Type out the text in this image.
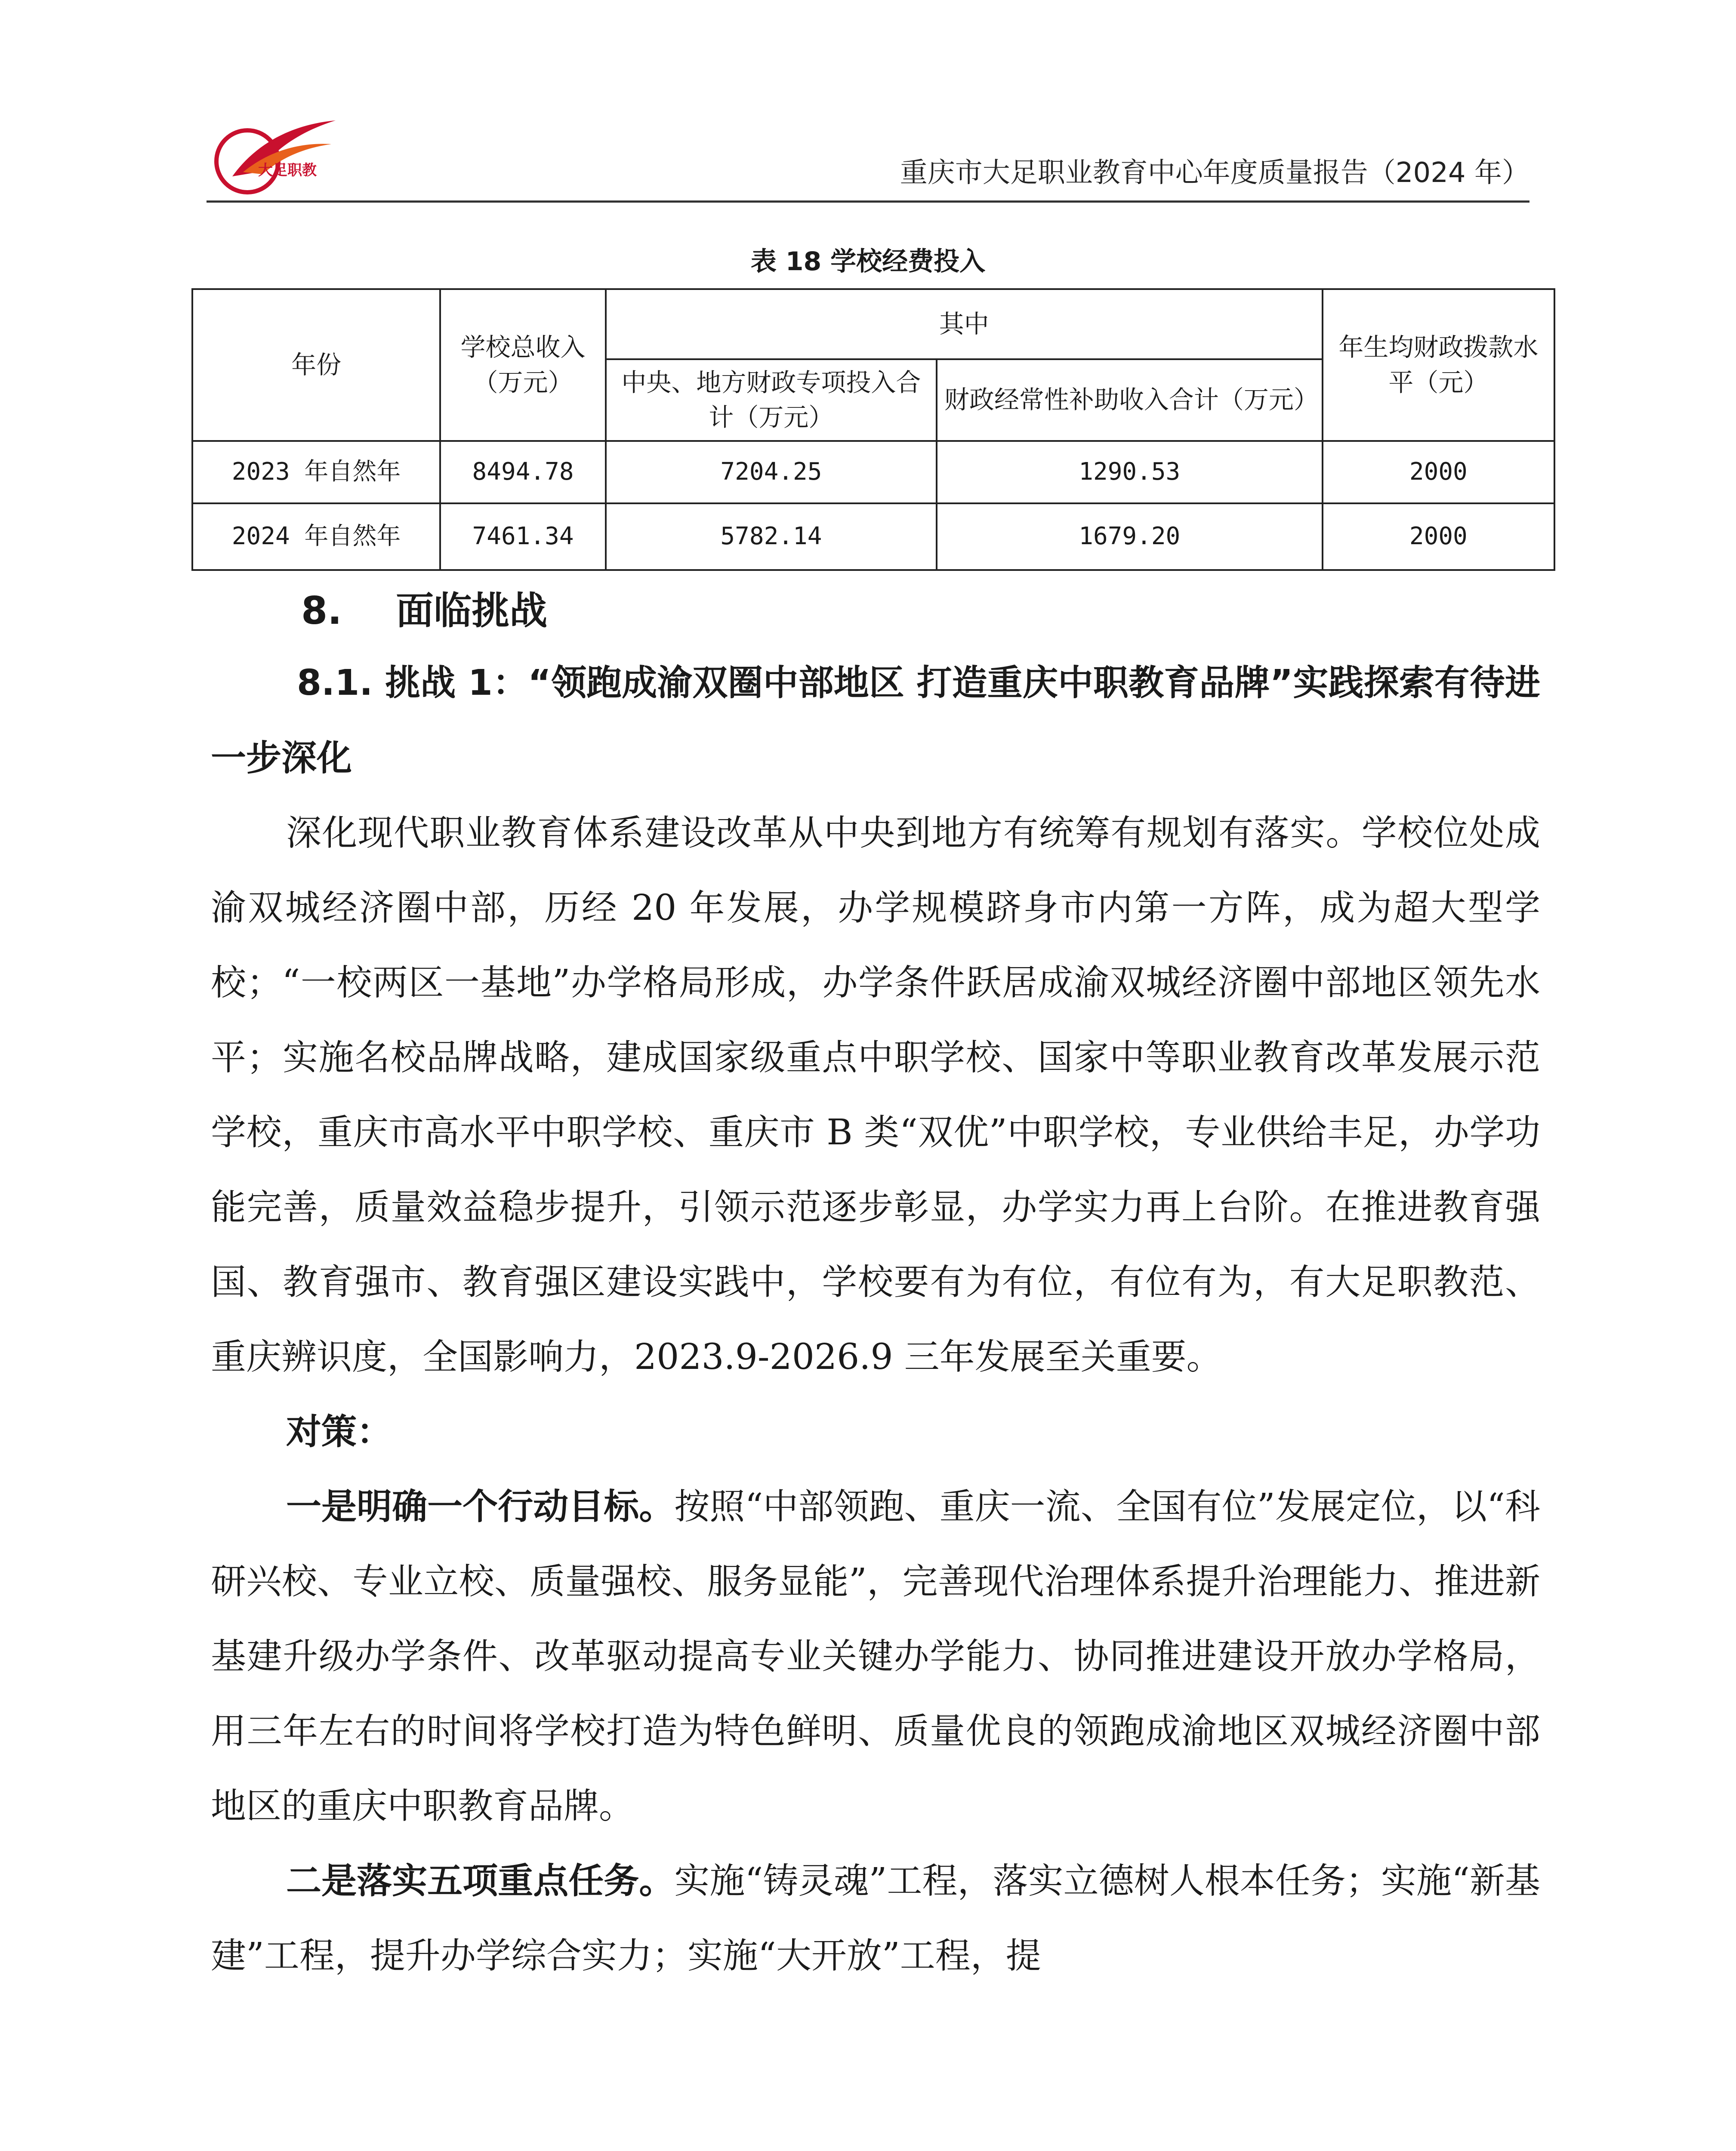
大足职教	重庆市大足职业教育中心年度质量报告（2024 年）
表 18 学校经费投入
年份	学校总收入（万元）	其中		年生均财政拨款水平（元）
		中央、地方财政专项投入合计（万元）	财政经常性补助收入合计（万元）	
2023 年自然年	8494.78	7204.25	1290.53	2000
2024 年自然年	7461.34	5782.14	1679.20	2000
8. 面临挑战
8.1. 挑战 1：“领跑成渝双圈中部地区 打造重庆中职教育品牌”实践探索有待进一步深化

深化现代职业教育体系建设改革从中央到地方有统筹有规划有落实。学校位处成渝双城经济圈中部，历经 20 年发展，办学规模跻身市内第一方阵，成为超大型学校；“一校两区一基地”办学格局形成，办学条件跃居成渝双城经济圈中部地区领先水平；实施名校品牌战略，建成国家级重点中职学校、国家中等职业教育改革发展示范学校，重庆市高水平中职学校、重庆市 B 类“双优”中职学校，专业供给丰足，办学功能完善，质量效益稳步提升，引领示范逐步彰显，办学实力再上台阶。在推进教育强国、教育强市、教育强区建设实践中，学校要有为有位，有位有为，有大足职教范、重庆辨识度，全国影响力，2023.9-2026.9 三年发展至关重要。

对策：

一是明确一个行动目标。按照“中部领跑、重庆一流、全国有位”发展定位，以“科研兴校、专业立校、质量强校、服务显能”，完善现代治理体系提升治理能力、推进新基建升级办学条件、改革驱动提高专业关键办学能力、协同推进建设开放办学格局，用三年左右的时间将学校打造为特色鲜明、质量优良的领跑成渝地区双城经济圈中部地区的重庆中职教育品牌。

二是落实五项重点任务。实施“铸灵魂”工程，落实立德树人根本任务；实施“新基建”工程，提升办学综合实力；实施“大开放”工程，提
